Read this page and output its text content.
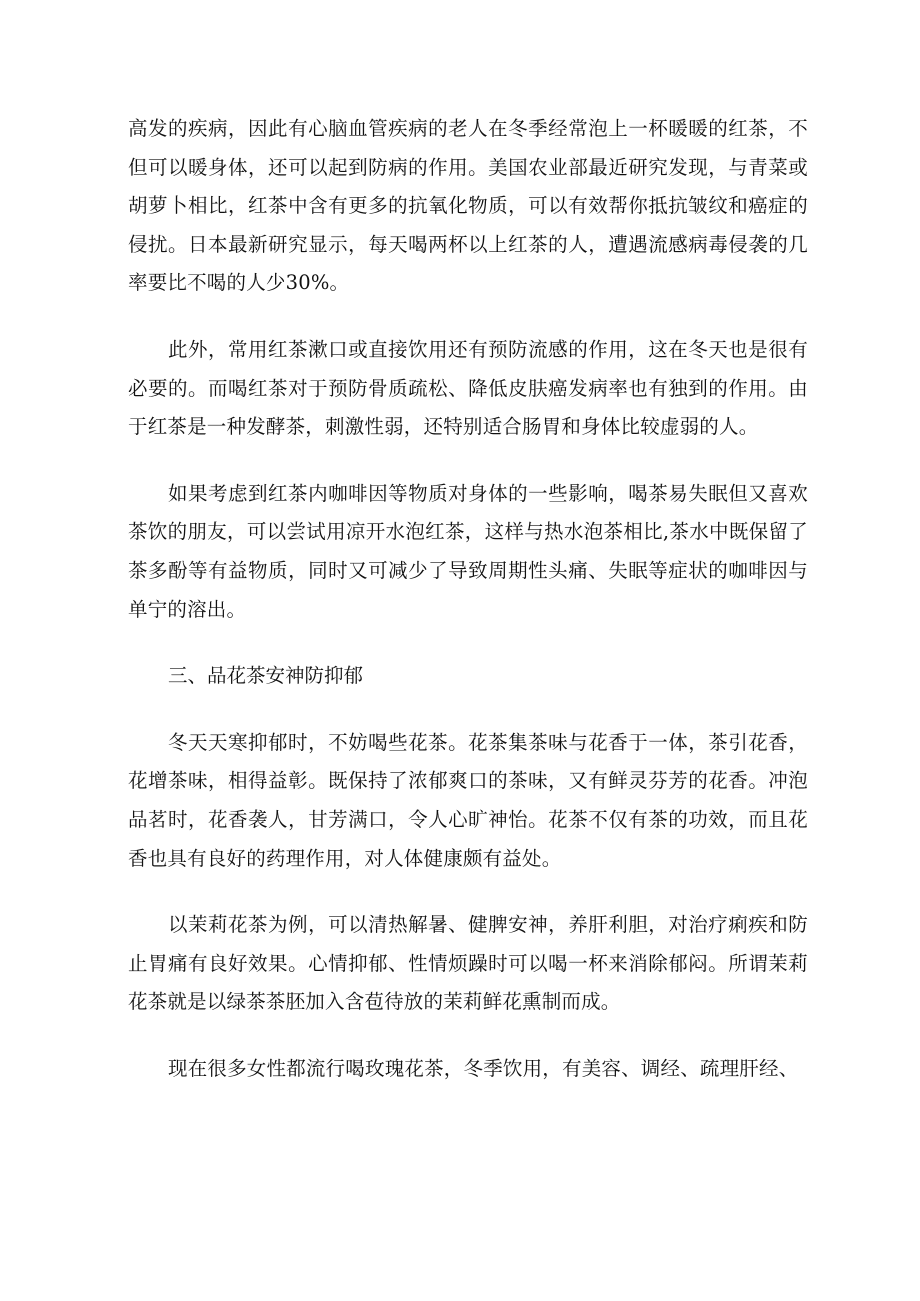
高发的疾病，因此有心脑血管疾病的老人在冬季经常泡上一杯暖暖的红茶，不但可以暖身体，还可以起到防病的作用。美国农业部最近研究发现，与青菜或胡萝卜相比，红茶中含有更多的抗氧化物质，可以有效帮你抵抗皱纹和癌症的侵扰。日本最新研究显示，每天喝两杯以上红茶的人，遭遇流感病毒侵袭的几率要比不喝的人少30%。

此外，常用红茶漱口或直接饮用还有预防流感的作用，这在冬天也是很有必要的。而喝红茶对于预防骨质疏松、降低皮肤癌发病率也有独到的作用。由于红茶是一种发酵茶，刺激性弱，还特别适合肠胃和身体比较虚弱的人。

如果考虑到红茶内咖啡因等物质对身体的一些影响，喝茶易失眠但又喜欢茶饮的朋友，可以尝试用凉开水泡红茶，这样与热水泡茶相比,茶水中既保留了茶多酚等有益物质，同时又可减少了导致周期性头痛、失眠等症状的咖啡因与单宁的溶出。

三、品花茶安神防抑郁

冬天天寒抑郁时，不妨喝些花茶。花茶集茶味与花香于一体，茶引花香，花增茶味，相得益彰。既保持了浓郁爽口的茶味，又有鲜灵芬芳的花香。冲泡品茗时，花香袭人，甘芳满口，令人心旷神怡。花茶不仅有茶的功效，而且花香也具有良好的药理作用，对人体健康颇有益处。

以茉莉花茶为例，可以清热解暑、健脾安神，养肝利胆，对治疗痢疾和防止胃痛有良好效果。心情抑郁、性情烦躁时可以喝一杯来消除郁闷。所谓茉莉花茶就是以绿茶茶胚加入含苞待放的茉莉鲜花熏制而成。

现在很多女性都流行喝玫瑰花茶，冬季饮用，有美容、调经、疏理肝经、
